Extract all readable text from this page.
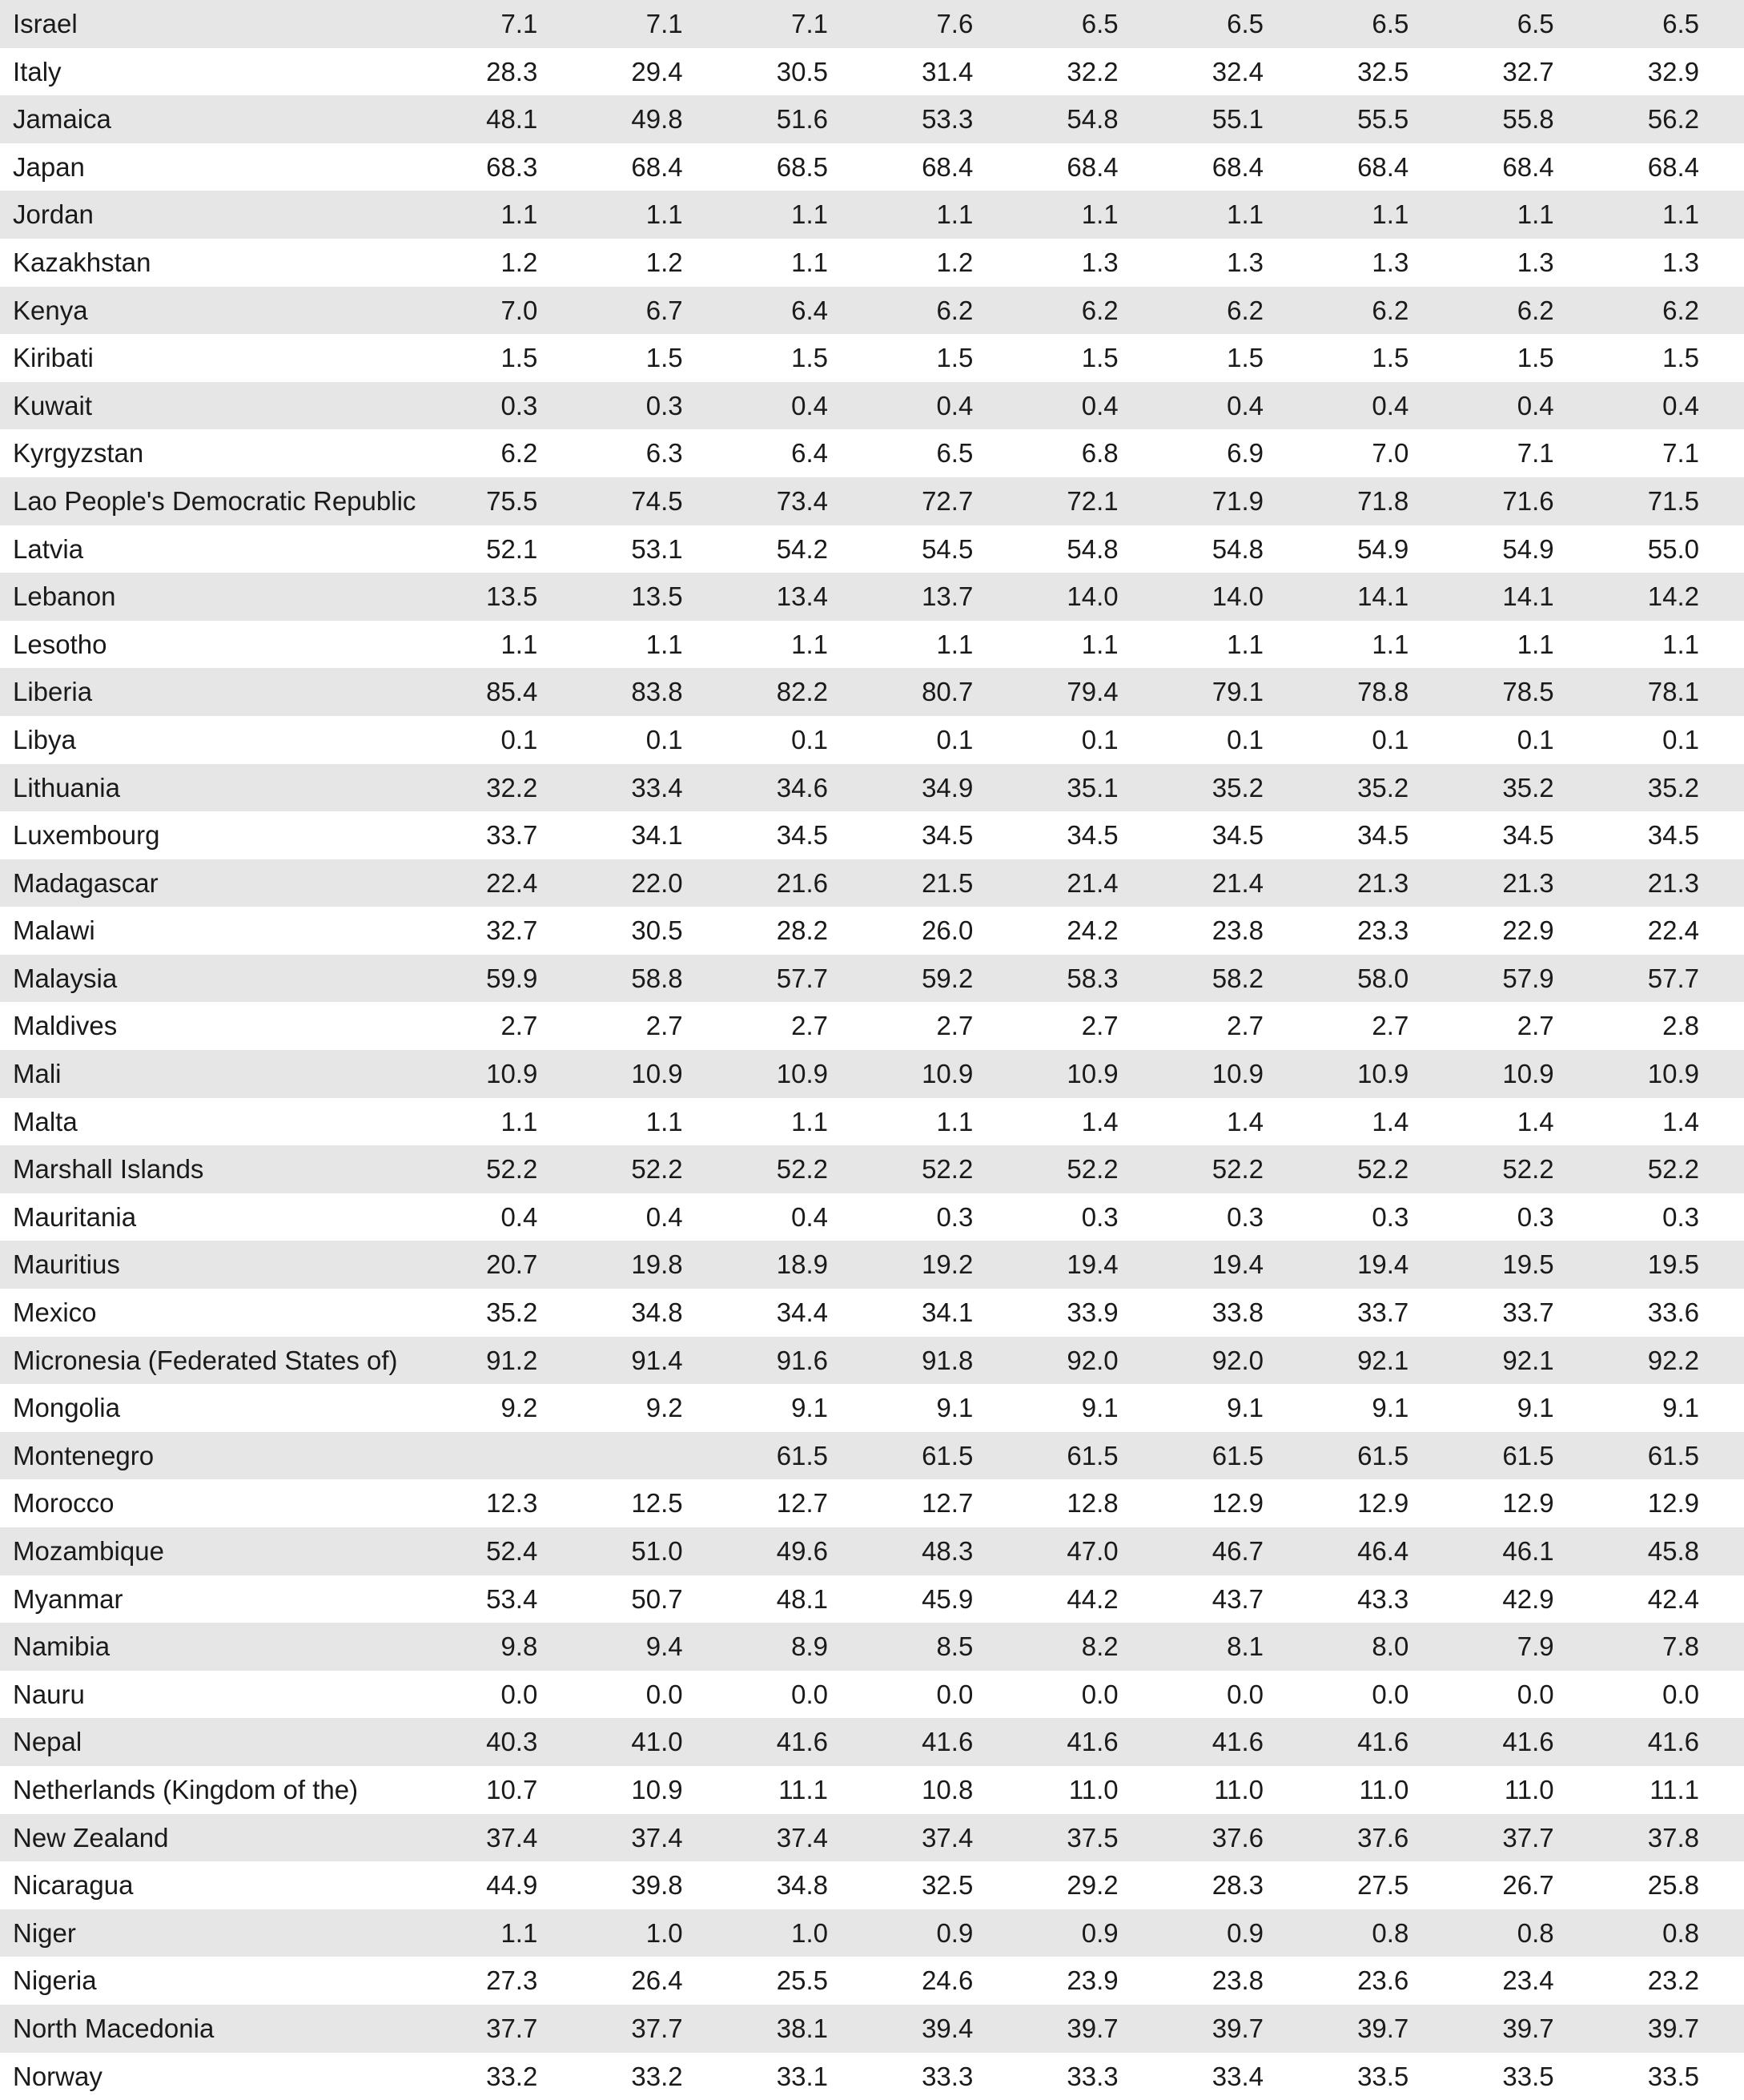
Israel	7.1	7.1	7.1	7.6	6.5	6.5	6.5	6.5	6.5
Italy	28.3	29.4	30.5	31.4	32.2	32.4	32.5	32.7	32.9
Jamaica	48.1	49.8	51.6	53.3	54.8	55.1	55.5	55.8	56.2
Japan	68.3	68.4	68.5	68.4	68.4	68.4	68.4	68.4	68.4
Jordan	1.1	1.1	1.1	1.1	1.1	1.1	1.1	1.1	1.1
Kazakhstan	1.2	1.2	1.1	1.2	1.3	1.3	1.3	1.3	1.3
Kenya	7.0	6.7	6.4	6.2	6.2	6.2	6.2	6.2	6.2
Kiribati	1.5	1.5	1.5	1.5	1.5	1.5	1.5	1.5	1.5
Kuwait	0.3	0.3	0.4	0.4	0.4	0.4	0.4	0.4	0.4
Kyrgyzstan	6.2	6.3	6.4	6.5	6.8	6.9	7.0	7.1	7.1
Lao People's Democratic Republic	75.5	74.5	73.4	72.7	72.1	71.9	71.8	71.6	71.5
Latvia	52.1	53.1	54.2	54.5	54.8	54.8	54.9	54.9	55.0
Lebanon	13.5	13.5	13.4	13.7	14.0	14.0	14.1	14.1	14.2
Lesotho	1.1	1.1	1.1	1.1	1.1	1.1	1.1	1.1	1.1
Liberia	85.4	83.8	82.2	80.7	79.4	79.1	78.8	78.5	78.1
Libya	0.1	0.1	0.1	0.1	0.1	0.1	0.1	0.1	0.1
Lithuania	32.2	33.4	34.6	34.9	35.1	35.2	35.2	35.2	35.2
Luxembourg	33.7	34.1	34.5	34.5	34.5	34.5	34.5	34.5	34.5
Madagascar	22.4	22.0	21.6	21.5	21.4	21.4	21.3	21.3	21.3
Malawi	32.7	30.5	28.2	26.0	24.2	23.8	23.3	22.9	22.4
Malaysia	59.9	58.8	57.7	59.2	58.3	58.2	58.0	57.9	57.7
Maldives	2.7	2.7	2.7	2.7	2.7	2.7	2.7	2.7	2.8
Mali	10.9	10.9	10.9	10.9	10.9	10.9	10.9	10.9	10.9
Malta	1.1	1.1	1.1	1.1	1.4	1.4	1.4	1.4	1.4
Marshall Islands	52.2	52.2	52.2	52.2	52.2	52.2	52.2	52.2	52.2
Mauritania	0.4	0.4	0.4	0.3	0.3	0.3	0.3	0.3	0.3
Mauritius	20.7	19.8	18.9	19.2	19.4	19.4	19.4	19.5	19.5
Mexico	35.2	34.8	34.4	34.1	33.9	33.8	33.7	33.7	33.6
Micronesia (Federated States of)	91.2	91.4	91.6	91.8	92.0	92.0	92.1	92.1	92.2
Mongolia	9.2	9.2	9.1	9.1	9.1	9.1	9.1	9.1	9.1
Montenegro			61.5	61.5	61.5	61.5	61.5	61.5	61.5
Morocco	12.3	12.5	12.7	12.7	12.8	12.9	12.9	12.9	12.9
Mozambique	52.4	51.0	49.6	48.3	47.0	46.7	46.4	46.1	45.8
Myanmar	53.4	50.7	48.1	45.9	44.2	43.7	43.3	42.9	42.4
Namibia	9.8	9.4	8.9	8.5	8.2	8.1	8.0	7.9	7.8
Nauru	0.0	0.0	0.0	0.0	0.0	0.0	0.0	0.0	0.0
Nepal	40.3	41.0	41.6	41.6	41.6	41.6	41.6	41.6	41.6
Netherlands (Kingdom of the)	10.7	10.9	11.1	10.8	11.0	11.0	11.0	11.0	11.1
New Zealand	37.4	37.4	37.4	37.4	37.5	37.6	37.6	37.7	37.8
Nicaragua	44.9	39.8	34.8	32.5	29.2	28.3	27.5	26.7	25.8
Niger	1.1	1.0	1.0	0.9	0.9	0.9	0.8	0.8	0.8
Nigeria	27.3	26.4	25.5	24.6	23.9	23.8	23.6	23.4	23.2
North Macedonia	37.7	37.7	38.1	39.4	39.7	39.7	39.7	39.7	39.7
Norway	33.2	33.2	33.1	33.3	33.3	33.4	33.5	33.5	33.5
